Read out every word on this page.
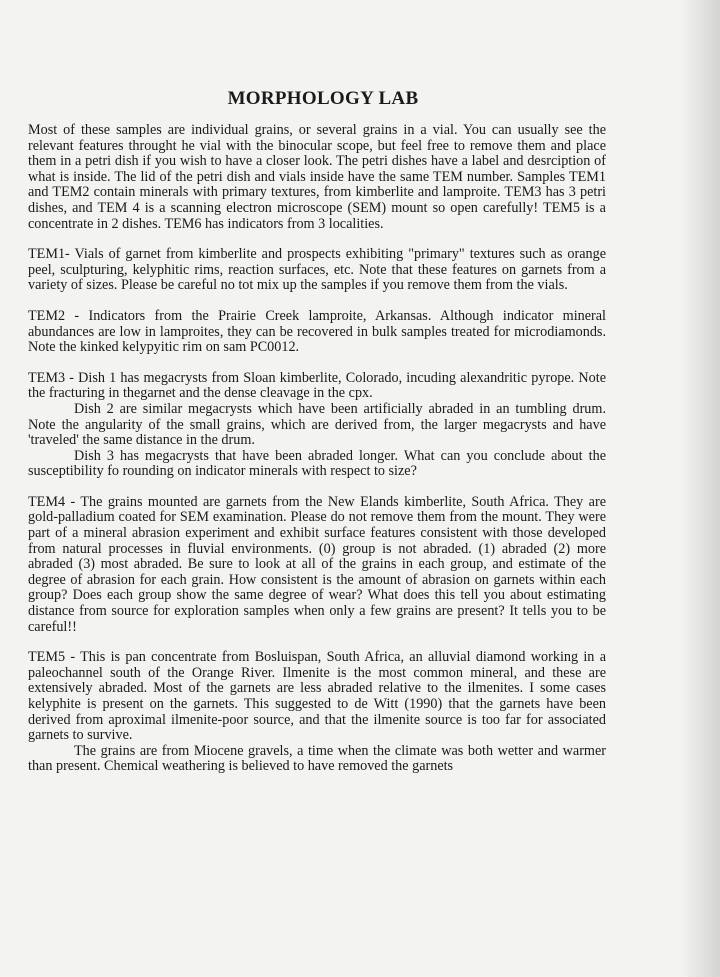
MORPHOLOGY LAB

Most of these samples are individual grains, or several grains in a vial. You can usually see the relevant features throught he vial with the binocular scope, but feel free to remove them and place them in a petri dish if you wish to have a closer look. The petri dishes have a label and desrciption of what is inside. The lid of the petri dish and vials inside have the same TEM number. Samples TEM1 and TEM2 contain minerals with primary textures, from kimberlite and lamproite. TEM3 has 3 petri dishes, and TEM 4 is a scanning electron microscope (SEM) mount so open carefully! TEM5 is a concentrate in 2 dishes. TEM6 has indicators from 3 localities.

TEM1- Vials of garnet from kimberlite and prospects exhibiting "primary" textures such as orange peel, sculpturing, kelyphitic rims, reaction surfaces, etc. Note that these features on garnets from a variety of sizes. Please be careful no tot mix up the samples if you remove them from the vials.

TEM2 - Indicators from the Prairie Creek lamproite, Arkansas. Although indicator mineral abundances are low in lamproites, they can be recovered in bulk samples treated for microdiamonds. Note the kinked kelypyitic rim on sam PC0012.

TEM3 - Dish 1 has megacrysts from Sloan kimberlite, Colorado, incuding alexandritic pyrope. Note the fracturing in thegarnet and the dense cleavage in the cpx.

Dish 2 are similar megacrysts which have been artificially abraded in an tumbling drum. Note the angularity of the small grains, which are derived from, the larger megacrysts and have 'traveled' the same distance in the drum.

Dish 3 has megacrysts that have been abraded longer. What can you conclude about the susceptibility fo rounding on indicator minerals with respect to size?

TEM4 - The grains mounted are garnets from the New Elands kimberlite, South Africa. They are gold-palladium coated for SEM examination. Please do not remove them from the mount. They were part of a mineral abrasion experiment and exhibit surface features consistent with those developed from natural processes in fluvial environments. (0) group is not abraded. (1) abraded (2) more abraded (3) most abraded. Be sure to look at all of the grains in each group, and estimate of the degree of abrasion for each grain. How consistent is the amount of abrasion on garnets within each group? Does each group show the same degree of wear? What does this tell you about estimating distance from source for exploration samples when only a few grains are present? It tells you to be careful!!

TEM5 - This is pan concentrate from Bosluispan, South Africa, an alluvial diamond working in a paleochannel south of the Orange River. Ilmenite is the most common mineral, and these are extensively abraded. Most of the garnets are less abraded relative to the ilmenites. I some cases kelyphite is present on the garnets. This suggested to de Witt (1990) that the garnets have been derived from aproximal ilmenite-poor source, and that the ilmenite source is too far for associated garnets to survive.

The grains are from Miocene gravels, a time when the climate was both wetter and warmer than present. Chemical weathering is believed to have removed the garnets
